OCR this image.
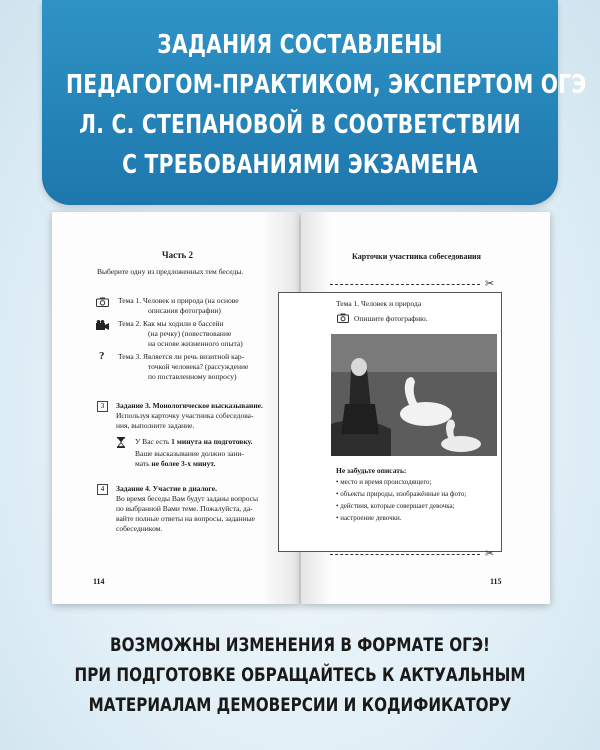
ЗАДАНИЯ СОСТАВЛЕНЫ
ПЕДАГОГОМ-ПРАКТИКОМ, ЭКСПЕРТОМ ОГЭ
Л. С. СТЕПАНОВОЙ В СООТВЕТСТВИИ
С ТРЕБОВАНИЯМИ ЭКЗАМЕНА
Часть 2
Выберите одну из предложенных тем беседы.
Тема 1. Человек и природа (на основе
описания фотографии)
Тема 2. Как мы ходили в бассейн
(на речку) (повествование
на основе жизненного опыта)
? Тема 3. Является ли речь визитной кар-
точкой человека? (рассуждение
по поставленному вопросу)
3	Задание 3. Монологическое высказывание.
Используя карточку участника собеседова-
ния, выполните задание.
У Вас есть 1 минута на подготовку.
Ваше высказывание должно зани-
мать не более 3-х минут.
4	Задание 4. Участие в диалоге.
Во время беседы Вам будут заданы вопросы
по выбранной Вами теме. Пожалуйста, да-
вайте полные ответы на вопросы, заданные
собеседником.
114
Карточки участника собеседования
✂
Тема 1. Человек и природа
Опишите фотографию.
Не забудьте описать:
• место и время происходящего;
• объекты природы, изображённые на фото;
• действия, которые совершает девочка;
• настроение девочки.
✂
115
ВОЗМОЖНЫ ИЗМЕНЕНИЯ В ФОРМАТЕ ОГЭ!
ПРИ ПОДГОТОВКЕ ОБРАЩАЙТЕСЬ К АКТУАЛЬНЫМ
МАТЕРИАЛАМ ДЕМОВЕРСИИ И КОДИФИКАТОРУ
